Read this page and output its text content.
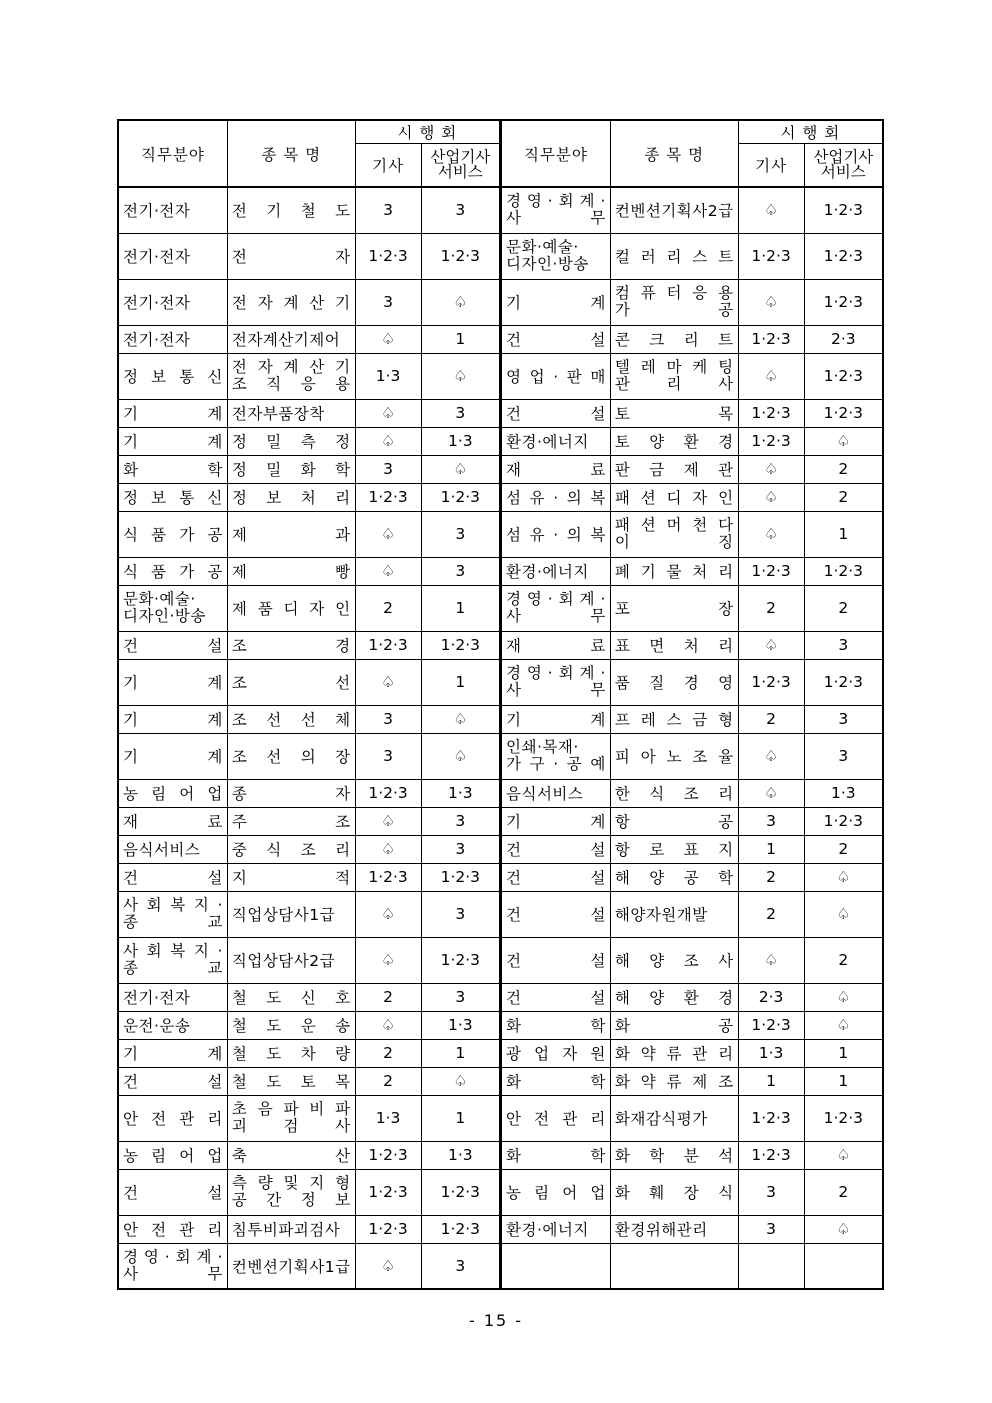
직무분야	종 목 명	시 행 회	
		기사	산업기사
서비스
전기·전자	전 기 철 도	3	3
전기·전자	전 자	1·2·3	1·2·3
전기·전자	전 자 계 산 기	3	♤
전기·전자	전자계산기제어	♤	1
정 보 통 신	전 자 계 산 기
조 직 응 용	1·3	♤
기 계	전자부품장착	♤	3
기 계	정 밀 측 정	♤	1·3
화 학	정 밀 화 학	3	♤
정 보 통 신	정 보 처 리	1·2·3	1·2·3
식 품 가 공	제 과	♤	3
식 품 가 공	제 빵	♤	3

문화·예술·
디자인·방송	제 품 디 자 인	2	1
건 설	조 경	1·2·3	1·2·3
기 계	조 선	♤	1
기 계	조 선 선 체	3	♤
기 계	조 선 의 장	3	♤
농 림 어 업	종 자	1·2·3	1·3
재 료	주 조	♤	3
음식서비스	중 식 조 리	♤	3
건 설	지 적	1·2·3	1·2·3

사 회 복 지 ·
종 교	직업상담사1급	♤	3

사 회 복 지 ·
종 교	직업상담사2급	♤	1·2·3
전기·전자	철 도 신 호	2	3
운전·운송	철 도 운 송	♤	1·3
기 계	철 도 차 량	2	1
건 설	철 도 토 목	2	♤
안 전 관 리	초 음 파 비 파
괴 검 사	1·3	1
농 림 어 업	축 산	1·2·3	1·3
건 설	측 량 및 지 형
공 간 정 보	1·2·3	1·2·3
안 전 관 리	침투비파괴검사	1·2·3	1·2·3

경 영 · 회 계 ·
사 무	컨벤션기획사1급	♤	3
직무분야	종 목 명	시 행 회	
		기사	산업기사
서비스

경 영 · 회 계 ·
사 무	컨벤션기획사2급	♤	1·2·3

문화·예술·
디자인·방송	컬 러 리 스 트	1·2·3	1·2·3
기 계	컴 퓨 터 응 용
가 공	♤	1·2·3
건 설	콘 크 리 트	1·2·3	2·3
영 업 · 판 매	텔 레 마 케 팅
관 리 사	♤	1·2·3
건 설	토 목	1·2·3	1·2·3
환경·에너지	토 양 환 경	1·2·3	♤
재 료	판 금 제 관	♤	2
섬 유 · 의 복	패 션 디 자 인	♤	2
섬 유 · 의 복	패 션 머 천 다
이 징	♤	1
환경·에너지	폐 기 물 처 리	1·2·3	1·2·3

경 영 · 회 계 ·
사 무	포 장	2	2
재 료	표 면 처 리	♤	3

경 영 · 회 계 ·
사 무	품 질 경 영	1·2·3	1·2·3
기 계	프 레 스 금 형	2	3

인쇄·목재·
가 구 · 공 예	피 아 노 조 율	♤	3
음식서비스	한 식 조 리	♤	1·3
기 계	항 공	3	1·2·3
건 설	항 로 표 지	1	2
건 설	해 양 공 학	2	♤
건 설	해양자원개발	2	♤
건 설	해 양 조 사	♤	2
건 설	해 양 환 경	2·3	♤
화 학	화 공	1·2·3	♤
광 업 자 원	화 약 류 관 리	1·3	1
화 학	화 약 류 제 조	1	1
안 전 관 리	화재감식평가	1·2·3	1·2·3
화 학	화 학 분 석	1·2·3	♤
농 림 어 업	화 훼 장 식	3	2
환경·에너지	환경위해관리	3	♤

- 15 -
